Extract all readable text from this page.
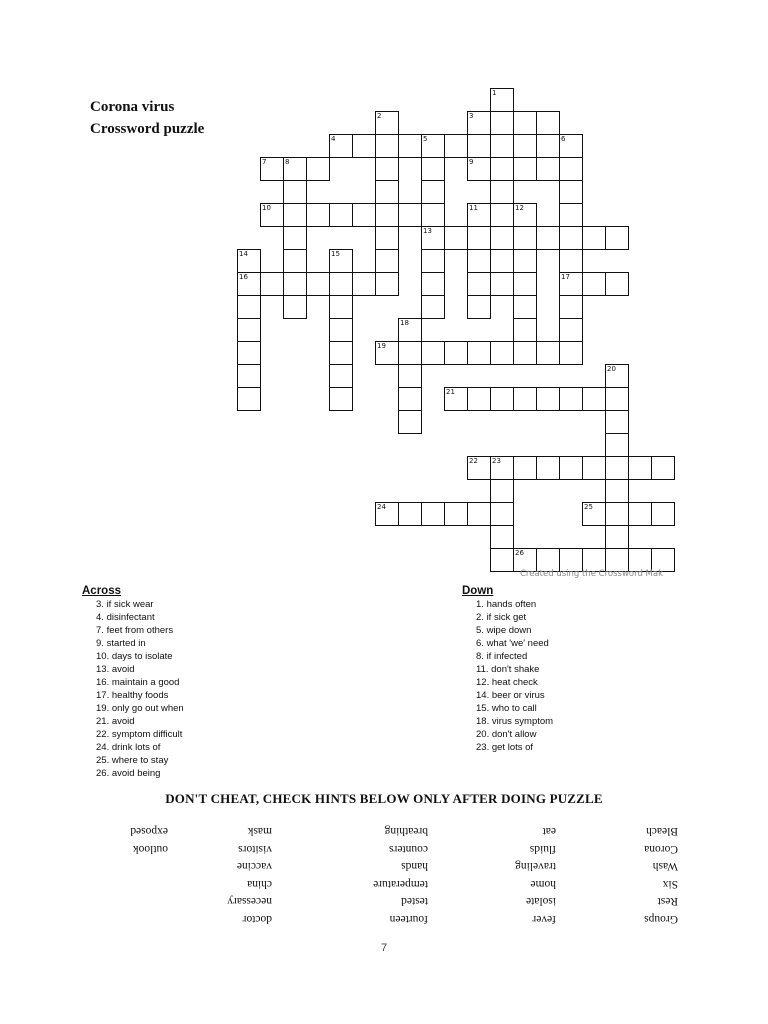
Corona virus
Crossword puzzle
3
4	5	6
7	8	9
10
13
16	17
19
21
22 23
24	25
26
1
2
11	12
14	15
18
20
Created using the Crossword Mak
Across
3. if sick wear
4. disinfectant
7. feet from others
9. started in
10. days to isolate
13. avoid
16. maintain a good
17. healthy foods
19. only go out when
21. avoid
22. symptom difficult
24. drink lots of
25. where to stay
26. avoid being
Down
1. hands often
2. if sick get
5. wipe down
6. what 'we' need
8. if infected
11. don't shake
12. heat check
14. beer or virus
15. who to call
18. virus symptom
20. don't allow
23. get lots of
DON'T CHEAT, CHECK HINTS BELOW ONLY AFTER DOING PUZZLE
Groups
Rest
Six
Wash
Corona
Bleach
fever
isolate
home
traveling
fluids
eat
fourteen
tested
temperature
hands
counters
breathing
doctor
necessary
china
vaccine
visitors
mask
outlook
exposed
7
